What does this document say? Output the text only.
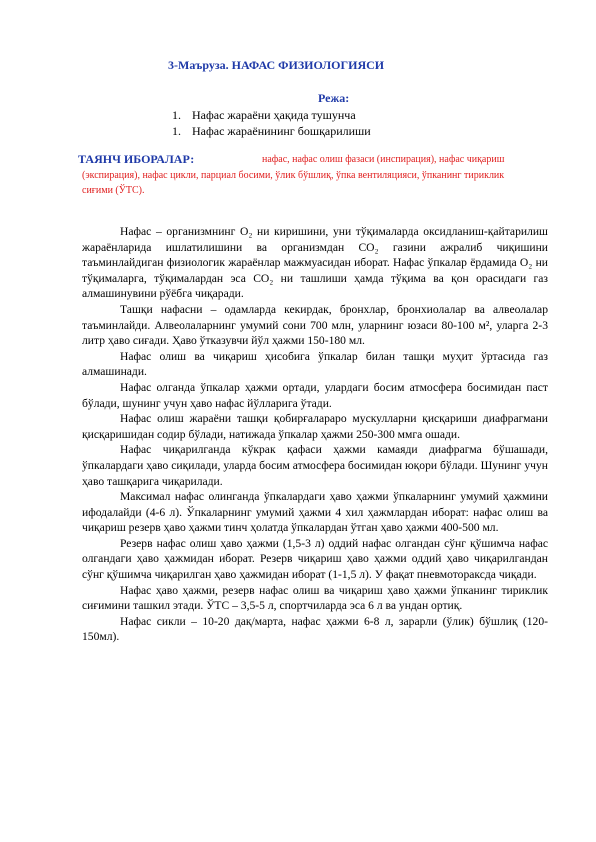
3-Маъруза. НАФАС ФИЗИОЛОГИЯСИ
Режа:
1. Нафас жараёни ҳақида тушунча
1. Нафас жараёнининг бошқарилиши
ТАЯНЧ ИБОРАЛАР:	нафас, нафас олиш фазаси (инспирация), нафас чиқариш (экспирация), нафас цикли, парциал босими, ўлик бўшлиқ, ўпка вентиляцияси, ўпканинг тириклик сиғими (ЎТС).

Нафас – организмнинг O₂ ни киришини, уни тўқималарда оксидланиш-қайтарилиш жараёнларида ишлатилишини ва организмдан СO₂ газини ажралиб чиқишини таъминлайдиган физиологик жараёнлар мажмуасидан иборат. Нафас ўпкалар ёрдамида O₂ ни тўқималарга, тўқималардан эса СO₂ ни ташлиши ҳамда тўқима ва қон орасидаги газ алмашинувини рўёбга чиқаради.

Ташқи нафасни – одамларда кекирдак, бронхлар, бронхиолалар ва алвеолалар таъминлайди. Алвеолаларнинг умумий сони 700 млн, уларнинг юзаси 80-100 м², уларга 2-3 литр ҳаво сиғади. Ҳаво ўтказувчи йўл ҳажми 150-180 мл.

Нафас олиш ва чиқариш ҳисобига ўпкалар билан ташқи муҳит ўртасида газ алмашинади.

Нафас олганда ўпкалар ҳажми ортади, улардаги босим атмосфера босимидан паст бўлади, шунинг учун ҳаво нафас йўлларига ўтади.

Нафас олиш жараёни ташқи қобирғалараро мускулларни қисқариши диафрагмани қисқаришидан содир бўлади, натижада ўпкалар ҳажми 250-300 ммга ошади.

Нафас чиқарилганда кўкрак қафаси ҳажми камаяди диафрагма бўшашади, ўпкалардаги ҳаво сиқилади, уларда босим атмосфера босимидан юқори бўлади. Шунинг учун ҳаво ташқарига чиқарилади.

Максимал нафас олинганда ўпкалардаги ҳаво ҳажми ўпкаларнинг умумий ҳажмини ифодалайди (4-6 л). Ўпкаларнинг умумий ҳажми 4 хил ҳажмлардан иборат: нафас олиш ва чиқариш резерв ҳаво ҳажми тинч ҳолатда ўпкалардан ўтган ҳаво ҳажми 400-500 мл.

Резерв нафас олиш ҳаво ҳажми (1,5-3 л) оддий нафас олгандан сўнг қўшимча нафас олгандаги ҳаво ҳажмидан иборат. Резерв чиқариш ҳаво ҳажми оддий ҳаво чиқарилгандан сўнг қўшимча чиқарилган ҳаво ҳажмидан иборат (1-1,5 л). У фақат пневмотораксда чиқади.

Нафас ҳаво ҳажми, резерв нафас олиш ва чиқариш ҳаво ҳажми ўпканинг тириклик сиғимини ташкил этади. ЎТС – 3,5-5 л, спортчиларда эса 6 л ва ундан ортиқ.

Нафас сикли – 10-20 дақ/марта, нафас ҳажми 6-8 л, зарарли (ўлик) бўшлиқ (120-150мл).
